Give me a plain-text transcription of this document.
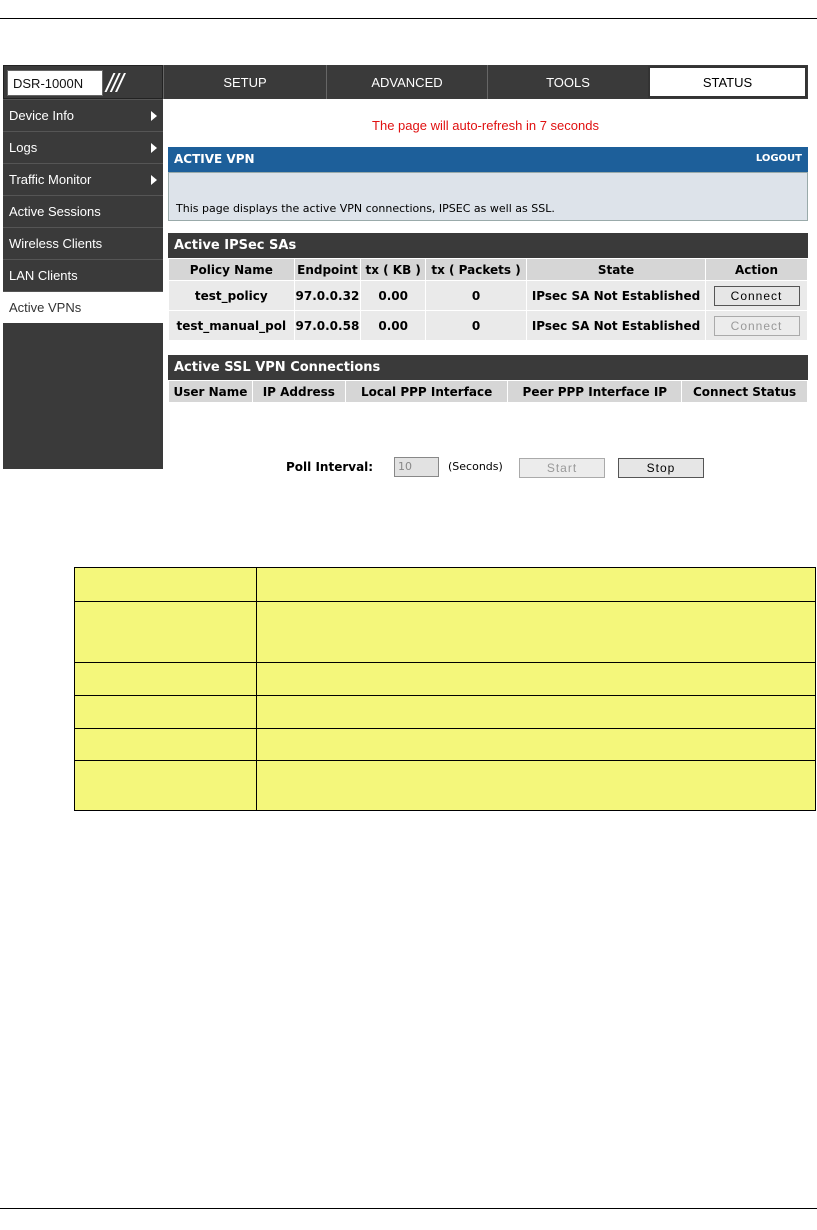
DSR-1000N ///	SETUP	ADVANCED	TOOLS	STATUS
Device Info
Logs
Traffic Monitor
Active Sessions
Wireless Clients
LAN Clients
Active VPNs
The page will auto-refresh in 7 seconds
ACTIVE VPN	LOGOUT
This page displays the active VPN connections, IPSEC as well as SSL.
Active IPSec SAs
Policy Name	Endpoint	tx ( KB )	tx ( Packets )	State	Action
test_policy	97.0.0.32	0.00	0	IPsec SA Not Established	Connect
test_manual_pol	97.0.0.58	0.00	0	IPsec SA Not Established	Connect
Active SSL VPN Connections
User Name	IP Address	Local PPP Interface	Peer PPP Interface IP	Connect Status
Poll Interval:	10	(Seconds)	Start	Stop
